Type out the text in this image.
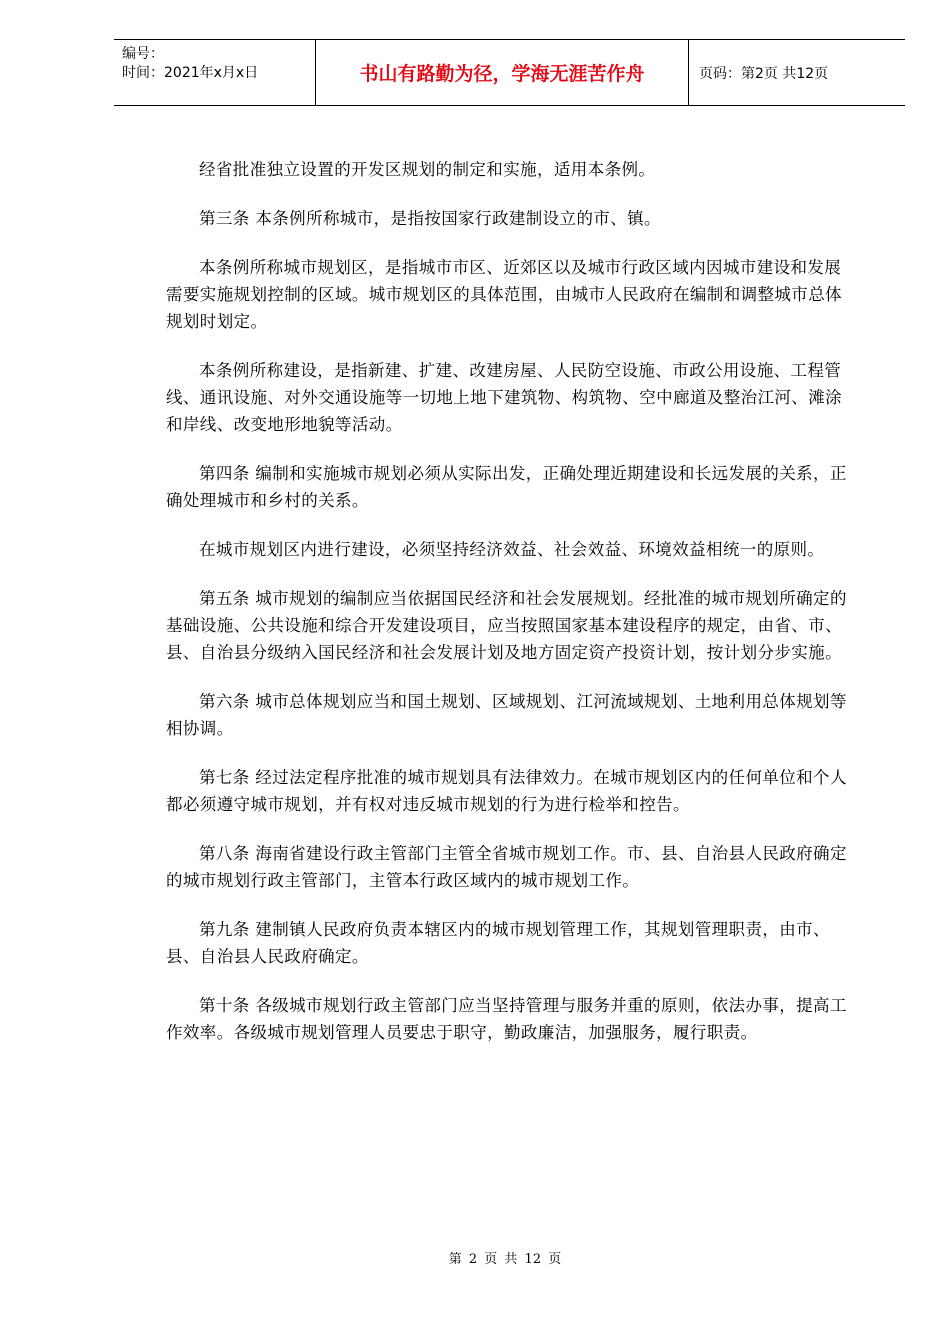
编号：
时间：2021年x月x日	书山有路勤为径，学海无涯苦作舟	页码：第2页 共12页

经省批准独立设置的开发区规划的制定和实施，适用本条例。

第三条 本条例所称城市，是指按国家行政建制设立的市、镇。

本条例所称城市规划区，是指城市市区、近郊区以及城市行政区域内因城市建设和发展需要实施规划控制的区域。城市规划区的具体范围，由城市人民政府在编制和调整城市总体规划时划定。

本条例所称建设，是指新建、扩建、改建房屋、人民防空设施、市政公用设施、工程管线、通讯设施、对外交通设施等一切地上地下建筑物、构筑物、空中廊道及整治江河、滩涂和岸线、改变地形地貌等活动。

第四条 编制和实施城市规划必须从实际出发，正确处理近期建设和长远发展的关系，正确处理城市和乡村的关系。

在城市规划区内进行建设，必须坚持经济效益、社会效益、环境效益相统一的原则。

第五条 城市规划的编制应当依据国民经济和社会发展规划。经批准的城市规划所确定的基础设施、公共设施和综合开发建设项目，应当按照国家基本建设程序的规定，由省、市、县、自治县分级纳入国民经济和社会发展计划及地方固定资产投资计划，按计划分步实施。

第六条 城市总体规划应当和国土规划、区域规划、江河流域规划、土地利用总体规划等相协调。

第七条 经过法定程序批准的城市规划具有法律效力。在城市规划区内的任何单位和个人都必须遵守城市规划，并有权对违反城市规划的行为进行检举和控告。

第八条 海南省建设行政主管部门主管全省城市规划工作。市、县、自治县人民政府确定的城市规划行政主管部门，主管本行政区域内的城市规划工作。

第九条 建制镇人民政府负责本辖区内的城市规划管理工作，其规划管理职责，由市、县、自治县人民政府确定。

第十条 各级城市规划行政主管部门应当坚持管理与服务并重的原则，依法办事，提高工作效率。各级城市规划管理人员要忠于职守，勤政廉洁，加强服务，履行职责。

第 2 页 共 12 页
